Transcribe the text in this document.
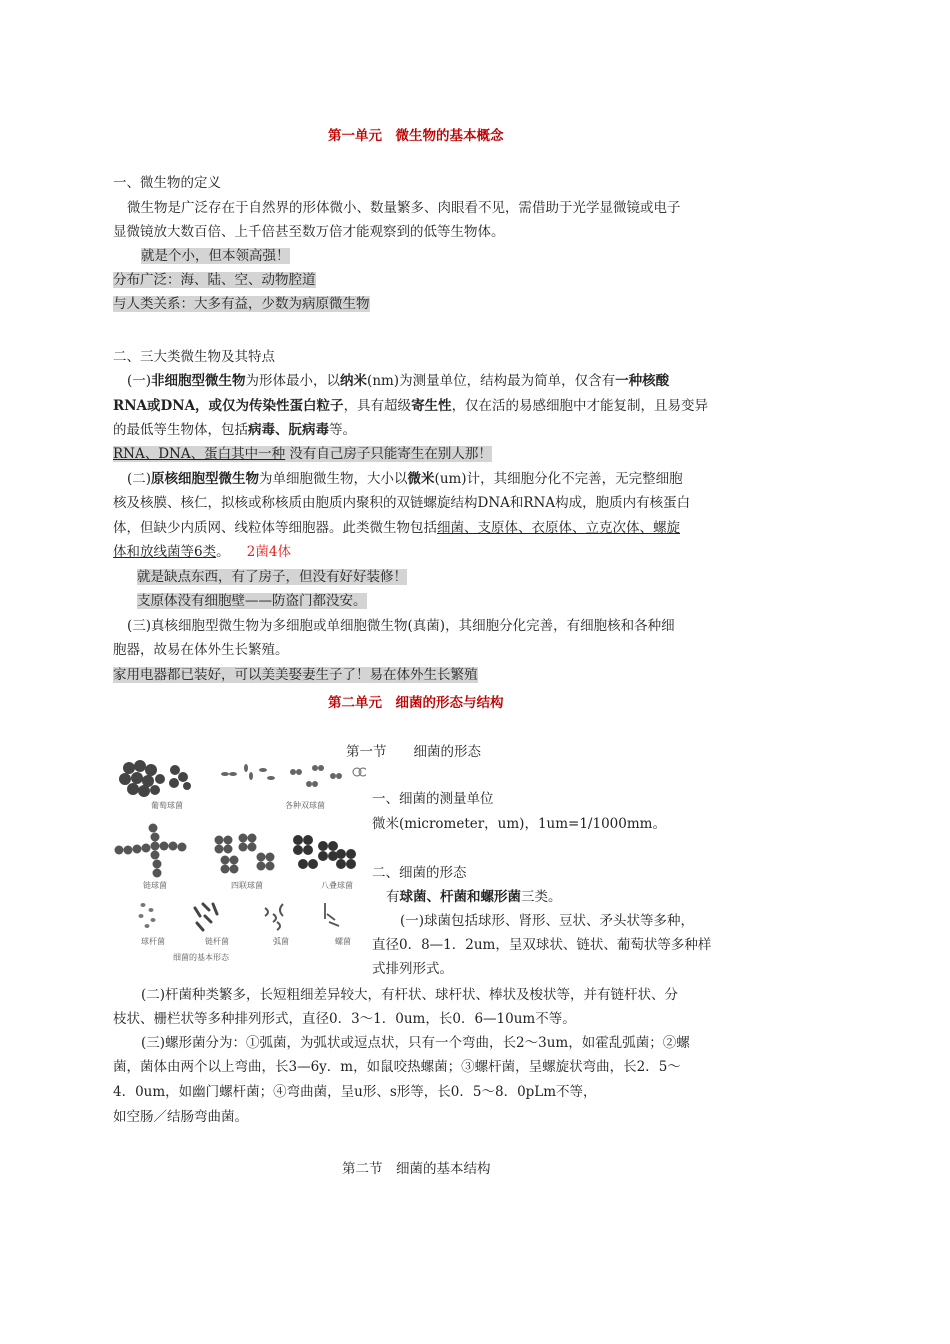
第一单元　微生物的基本概念
一、微生物的定义
微生物是广泛存在于自然界的形体微小、数量繁多、肉眼看不见，需借助于光学显微镜或电子
显微镜放大数百倍、上千倍甚至数万倍才能观察到的低等生物体。
就是个小，但本领高强！
分布广泛：海、陆、空、动物腔道
与人类关系：大多有益，少数为病原微生物
二、三大类微生物及其特点
(一)非细胞型微生物为形体最小，以纳米(nm)为测量单位，结构最为简单，仅含有一种核酸
RNA或DNA，或仅为传染性蛋白粒子，具有超级寄生性，仅在活的易感细胞中才能复制，且易变异
的最低等生物体，包括病毒、朊病毒等。
RNA、DNA、蛋白其中一种 没有自己房子只能寄生在别人那！
(二)原核细胞型微生物为单细胞微生物，大小以微米(um)计，其细胞分化不完善，无完整细胞
核及核膜、核仁，拟核或称核质由胞质内聚积的双链螺旋结构DNA和RNA构成，胞质内有核蛋白
体，但缺少内质网、线粒体等细胞器。此类微生物包括细菌、支原体、衣原体、立克次体、螺旋
体和放线菌等6类。 2菌4体
就是缺点东西，有了房子，但没有好好装修！
支原体没有细胞壁——防盗门都没安。
(三)真核细胞型微生物为多细胞或单细胞微生物(真菌)，其细胞分化完善，有细胞核和各种细
胞器，故易在体外生长繁殖。
家用电器都已装好，可以美美娶妻生子了！易在体外生长繁殖
第二单元　细菌的形态与结构
第一节　　细菌的形态
葡萄球菌	各种双球菌
链球菌	四联球菌	八叠球菌
球杆菌	链杆菌	弧菌	螺菌
细菌的基本形态
一、细菌的测量单位
微米(micrometer，um)，1um=1/1000mm。
二、细菌的形态
有球菌、杆菌和螺形菌三类。
(一)球菌包括球形、肾形、豆状、矛头状等多种，
直径0．8—1．2um，呈双球状、链状、葡萄状等多种样
式排列形式。
(二)杆菌种类繁多，长短粗细差异较大，有杆状、球杆状、棒状及梭状等，并有链杆状、分
枝状、栅栏状等多种排列形式，直径0．3～1．0um，长0．6—10um不等。
(三)螺形菌分为：①弧菌，为弧状或逗点状，只有一个弯曲，长2～3um，如霍乱弧菌；②螺
菌，菌体由两个以上弯曲，长3—6y．m，如鼠咬热螺菌；③螺杆菌，呈螺旋状弯曲，长2．5～
4．0um，如幽门螺杆菌；④弯曲菌，呈u形、s形等，长0．5～8．0pLm不等，
如空肠／结肠弯曲菌。
第二节　细菌的基本结构
